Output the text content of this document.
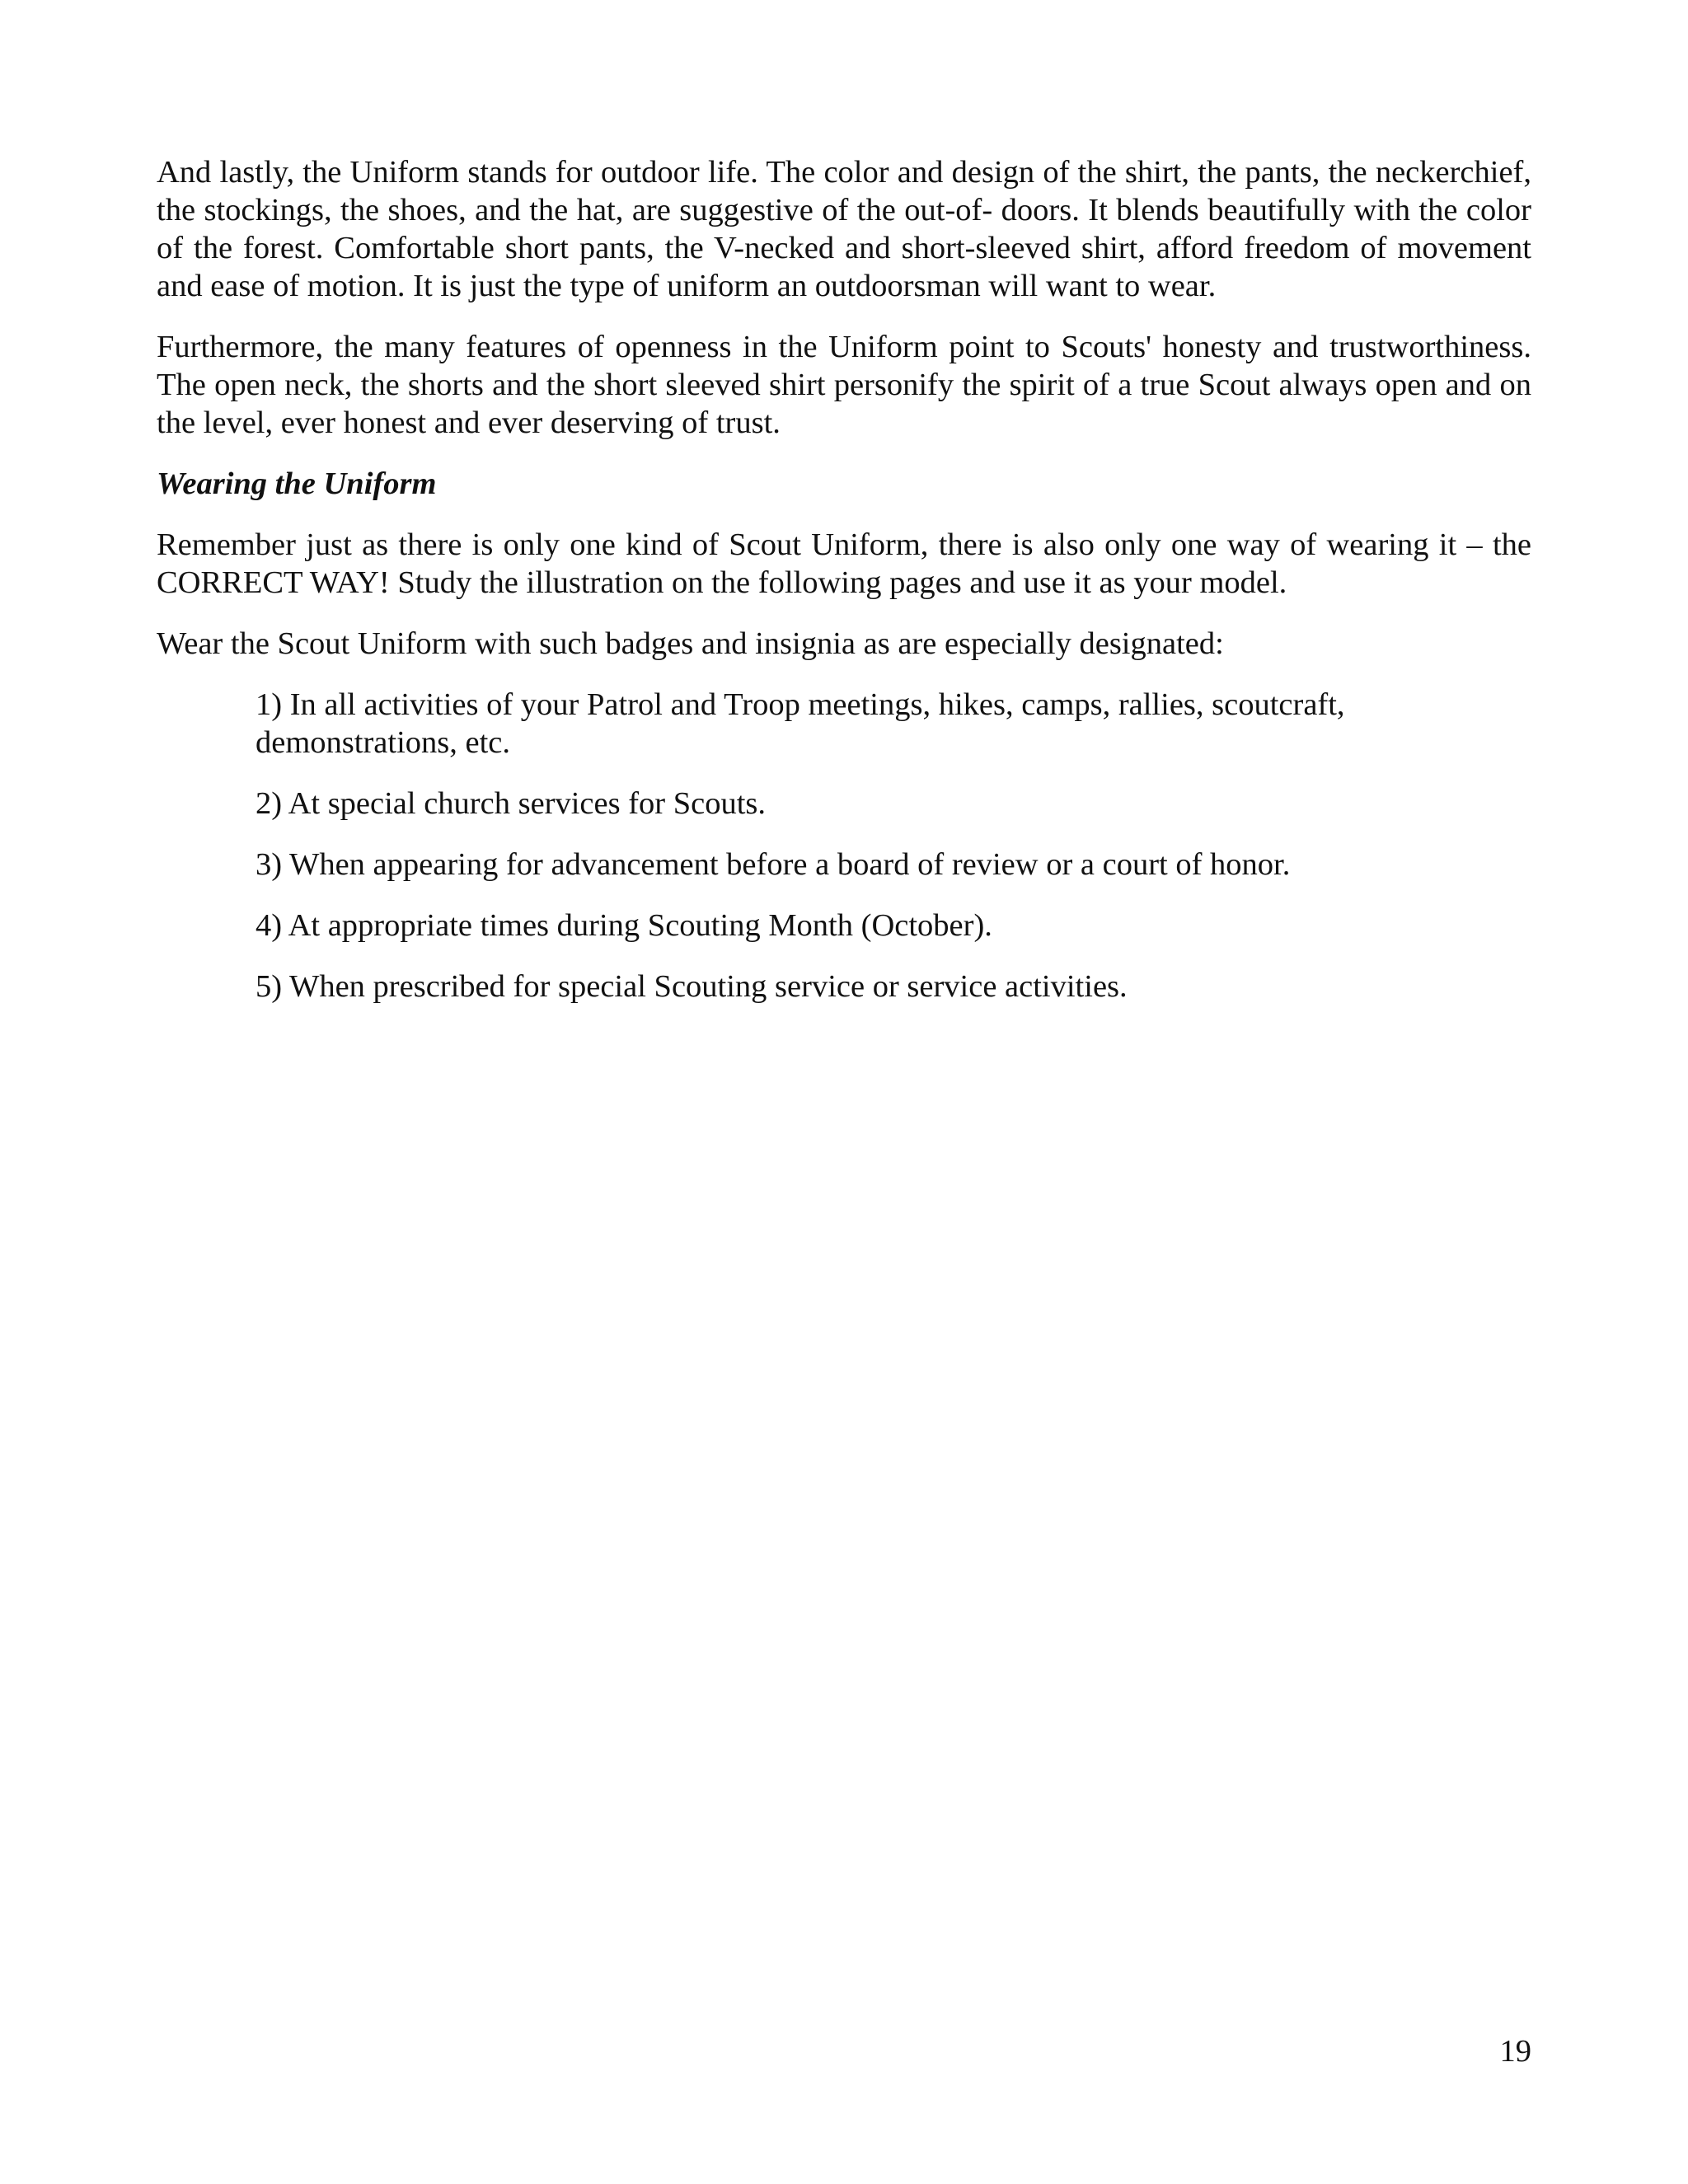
And lastly, the Uniform stands for outdoor life. The color and design of the shirt, the pants, the neckerchief, the stockings, the shoes, and the hat, are suggestive of the out-of- doors. It blends beautifully with the color of the forest. Comfortable short pants, the V-necked and short-sleeved shirt, afford freedom of movement and ease of motion. It is just the type of uniform an outdoorsman will want to wear.

Furthermore, the many features of openness in the Uniform point to Scouts' honesty and trustworthiness. The open neck, the shorts and the short sleeved shirt personify the spirit of a true Scout always open and on the level, ever honest and ever deserving of trust.

Wearing the Uniform

Remember just as there is only one kind of Scout Uniform, there is also only one way of wearing it – the CORRECT WAY! Study the illustration on the following pages and use it as your model.

Wear the Scout Uniform with such badges and insignia as are especially designated:

1) In all activities of your Patrol and Troop meetings, hikes, camps, rallies, scoutcraft, demonstrations, etc.
2) At special church services for Scouts.
3) When appearing for advancement before a board of review or a court of honor.
4) At appropriate times during Scouting Month (October).
5) When prescribed for special Scouting service or service activities.
19
